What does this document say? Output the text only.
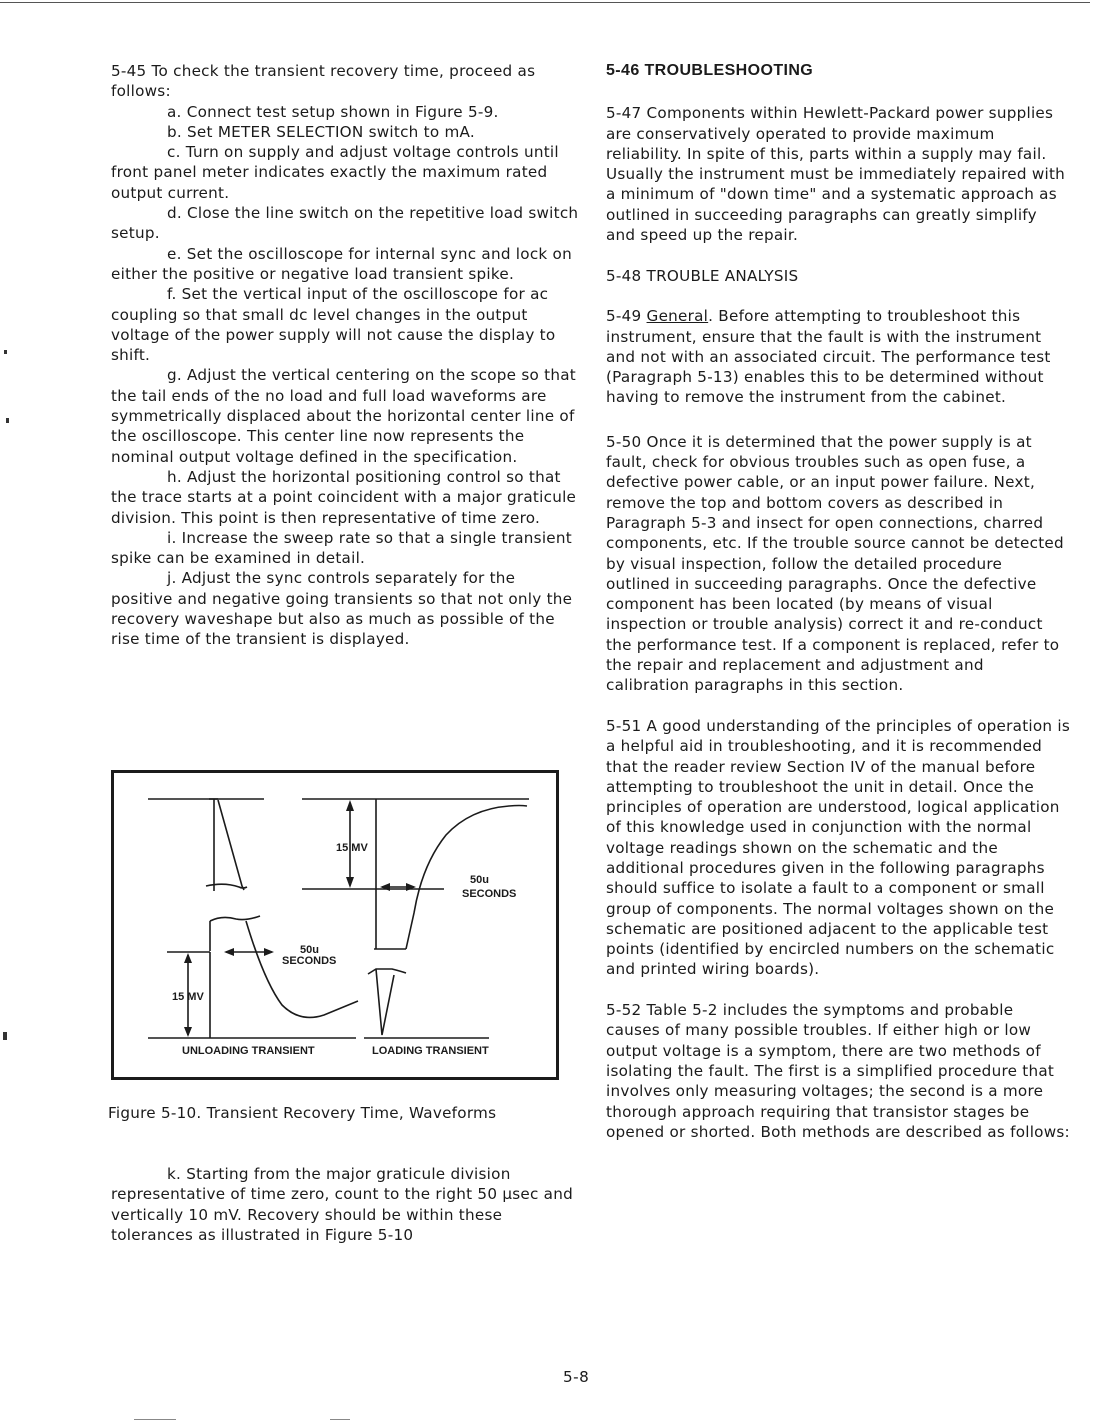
5-45 To check the transient recovery time, proceed as follows:

a. Connect test setup shown in Figure 5-9.

b. Set METER SELECTION switch to mA.

c. Turn on supply and adjust voltage controls until front panel meter indicates exactly the maximum rated output current.

d. Close the line switch on the repetitive load switch setup.

e. Set the oscilloscope for internal sync and lock on either the positive or negative load transient spike.

f. Set the vertical input of the oscilloscope for ac coupling so that small dc level changes in the output voltage of the power supply will not cause the display to shift.

g. Adjust the vertical centering on the scope so that the tail ends of the no load and full load waveforms are symmetrically displaced about the horizontal center line of the oscilloscope. This center line now represents the nominal output voltage defined in the specification.

h. Adjust the horizontal positioning control so that the trace starts at a point coincident with a major graticule division. This point is then representative of time zero.

i. Increase the sweep rate so that a single transient spike can be examined in detail.

j. Adjust the sync controls separately for the positive and negative going transients so that not only the recovery waveshape but also as much as possible of the rise time of the transient is displayed.

15 MV
50u
SECONDS
50u
SECONDS
15 MV
UNLOADING TRANSIENT	LOADING TRANSIENT
Figure 5-10. Transient Recovery Time, Waveforms

k. Starting from the major graticule division representative of time zero, count to the right 50 μsec and vertically 10 mV. Recovery should be within these tolerances as illustrated in Figure 5-10

5-46 TROUBLESHOOTING

5-47 Components within Hewlett-Packard power supplies are conservatively operated to provide maximum reliability. In spite of this, parts within a supply may fail. Usually the instrument must be immediately repaired with a minimum of "down time" and a systematic approach as outlined in succeeding paragraphs can greatly simplify and speed up the repair.

5-48 TROUBLE ANALYSIS

5-49 General. Before attempting to troubleshoot this instrument, ensure that the fault is with the instrument and not with an associated circuit. The performance test (Paragraph 5-13) enables this to be determined without having to remove the instrument from the cabinet.

5-50 Once it is determined that the power supply is at fault, check for obvious troubles such as open fuse, a defective power cable, or an input power failure. Next, remove the top and bottom covers as described in Paragraph 5-3 and insect for open connections, charred components, etc. If the trouble source cannot be detected by visual inspection, follow the detailed procedure outlined in succeeding paragraphs. Once the defective component has been located (by means of visual inspection or trouble analysis) correct it and re-conduct the performance test. If a component is replaced, refer to the repair and replacement and adjustment and calibration paragraphs in this section.

5-51 A good understanding of the principles of operation is a helpful aid in troubleshooting, and it is recommended that the reader review Section IV of the manual before attempting to troubleshoot the unit in detail. Once the principles of operation are understood, logical application of this knowledge used in conjunction with the normal voltage readings shown on the schematic and the additional procedures given in the following paragraphs should suffice to isolate a fault to a component or small group of components. The normal voltages shown on the schematic are positioned adjacent to the applicable test points (identified by encircled numbers on the schematic and printed wiring boards).

5-52 Table 5-2 includes the symptoms and probable causes of many possible troubles. If either high or low output voltage is a symptom, there are two methods of isolating the fault. The first is a simplified procedure that involves only measuring voltages; the second is a more thorough approach requiring that transistor stages be opened or shorted. Both methods are described as follows:

5-8
